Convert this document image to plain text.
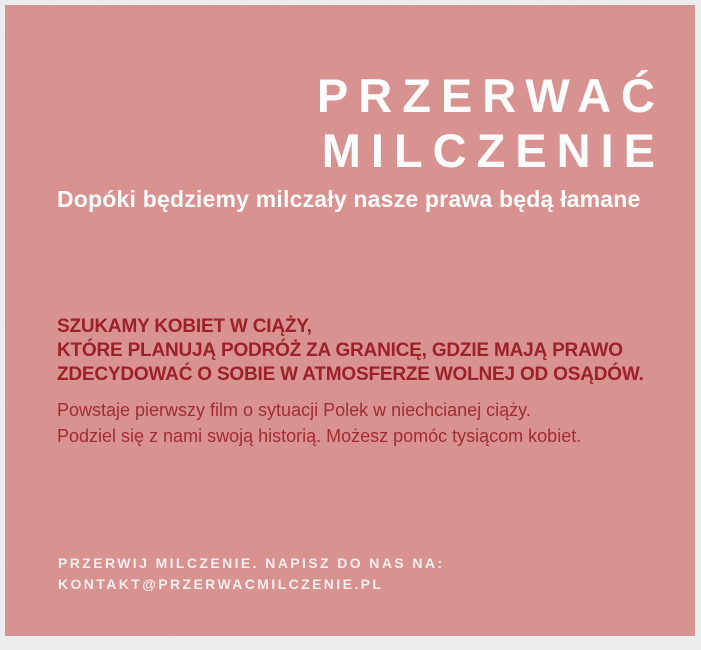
PRZERWAĆ
MILCZENIE
Dopóki będziemy milczały nasze prawa będą łamane
SZUKAMY KOBIET W CIĄŻY,
KTÓRE PLANUJĄ PODRÓŻ ZA GRANICĘ, GDZIE MAJĄ PRAWO
ZDECYDOWAĆ O SOBIE W ATMOSFERZE WOLNEJ OD OSĄDÓW.
Powstaje pierwszy film o sytuacji Polek w niechcianej ciąży.
Podziel się z nami swoją historią. Możesz pomóc tysiącom kobiet.
PRZERWIJ MILCZENIE. NAPISZ DO NAS NA:
KONTAKT@PRZERWACMILCZENIE.PL
